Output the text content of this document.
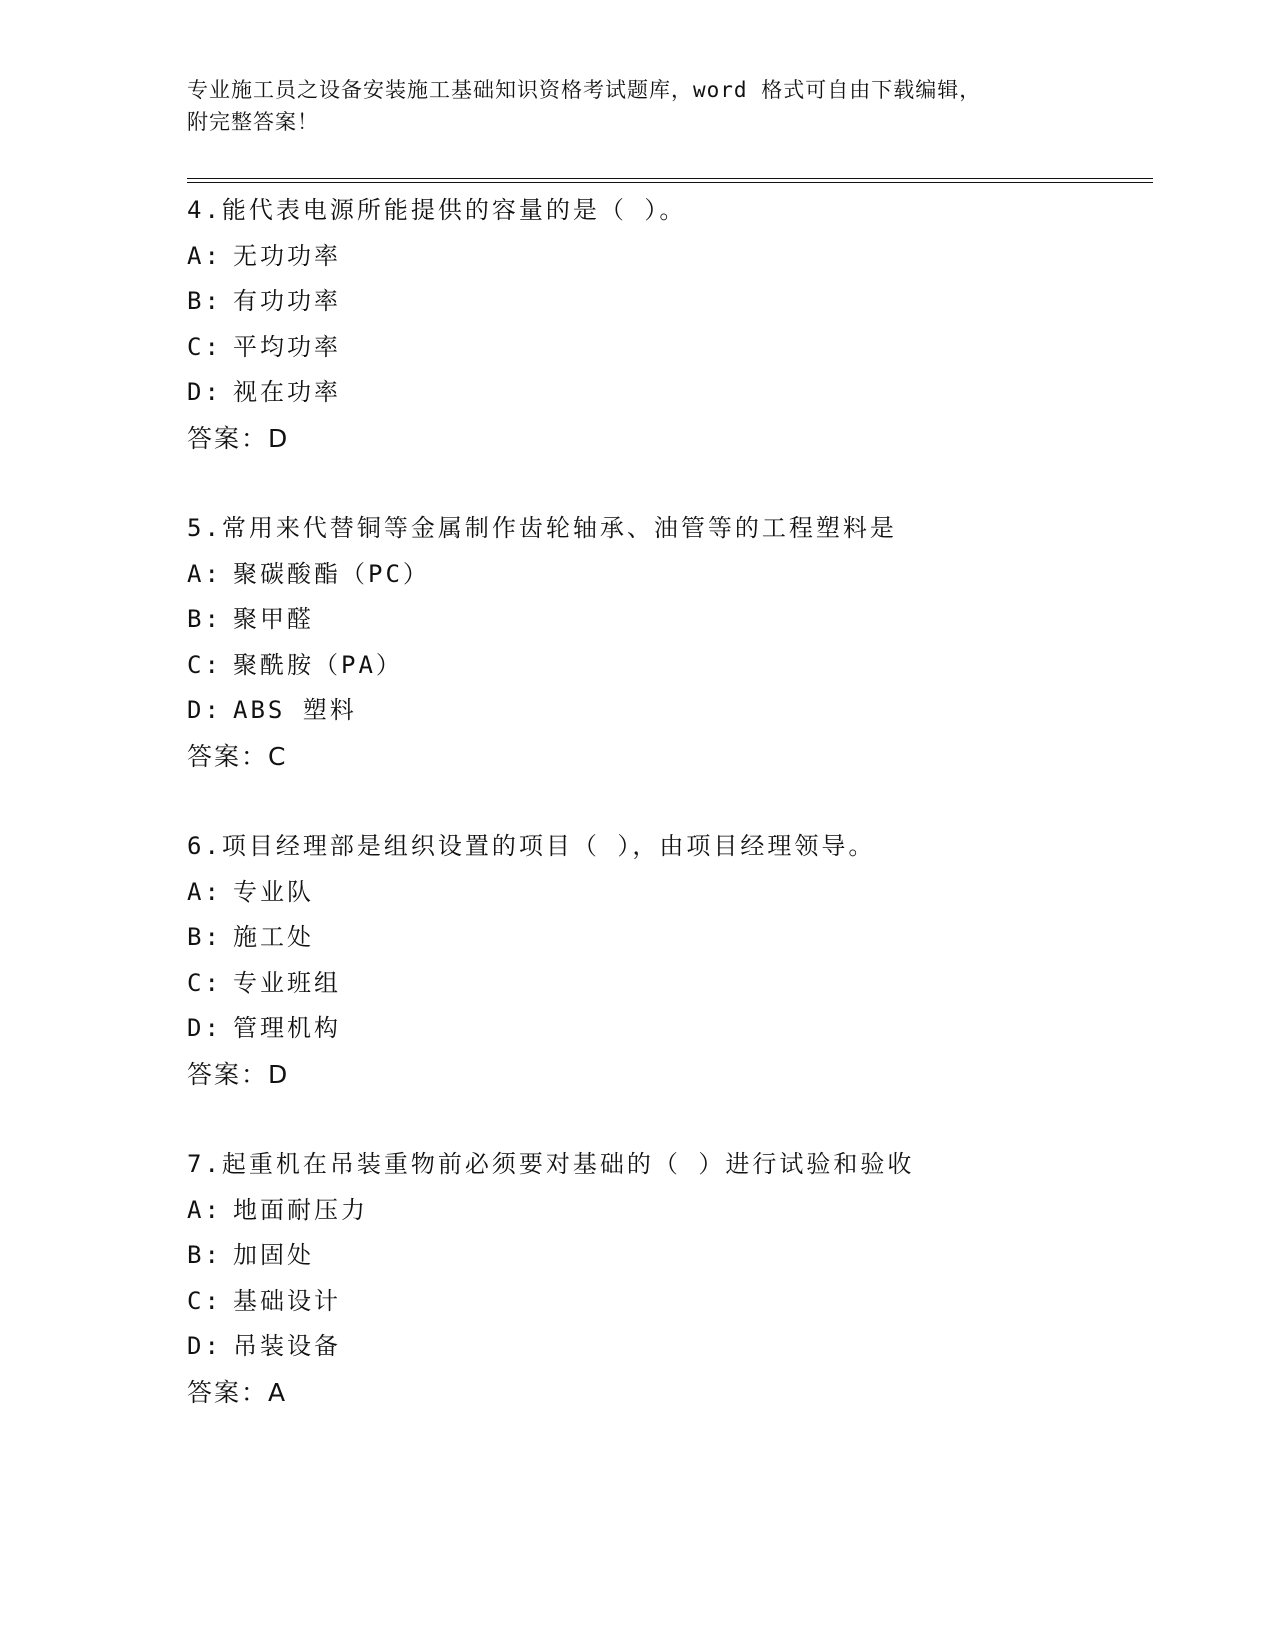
专业施工员之设备安装施工基础知识资格考试题库，word 格式可自由下载编辑，
附完整答案！
4.能代表电源所能提供的容量的是（ ）。
A: 无功功率
B: 有功功率
C: 平均功率
D: 视在功率
答案：D
5.常用来代替铜等金属制作齿轮轴承、油管等的工程塑料是
A: 聚碳酸酯（PC）
B: 聚甲醛
C: 聚酰胺（PA）
D: ABS 塑料
答案：C
6.项目经理部是组织设置的项目（ ），由项目经理领导。
A: 专业队
B: 施工处
C: 专业班组
D: 管理机构
答案：D
7.起重机在吊装重物前必须要对基础的（ ）进行试验和验收
A: 地面耐压力
B: 加固处
C: 基础设计
D: 吊装设备
答案：A
